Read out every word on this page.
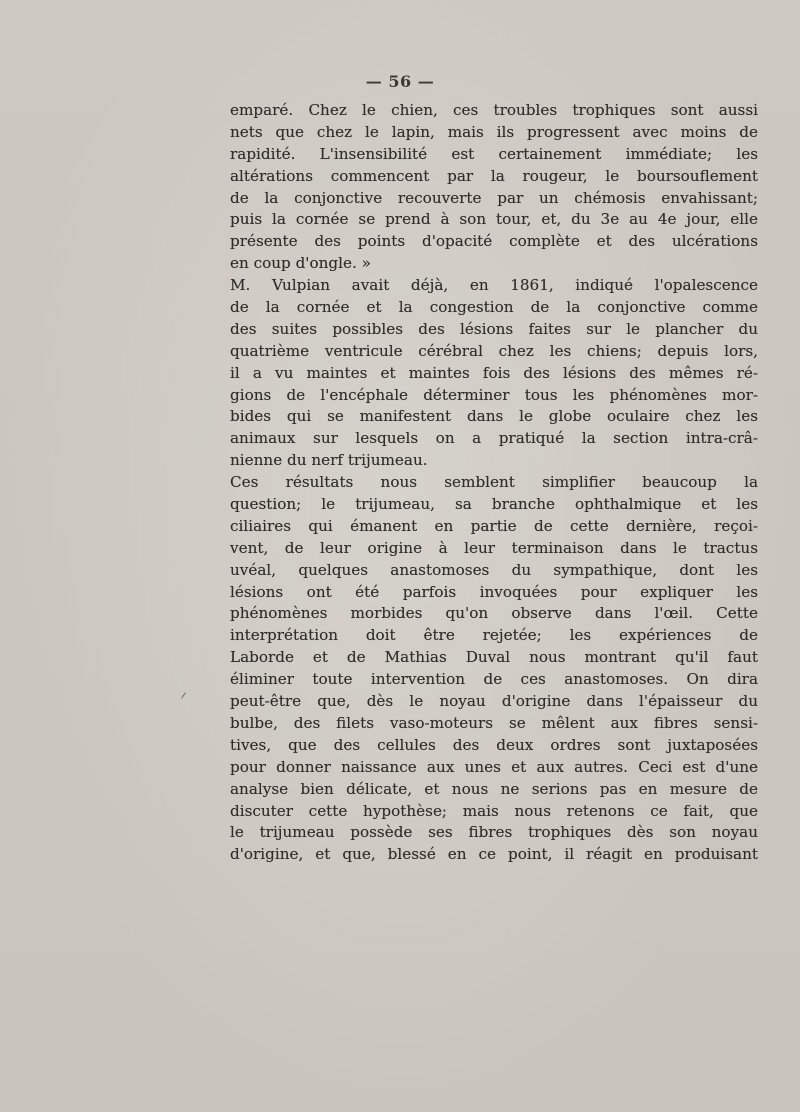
— 56 —
emparé. Chez le chien, ces troubles trophiques sont aussi
nets que chez le lapin, mais ils progressent avec moins de
rapidité. L'insensibilité est certainement immédiate; les
altérations commencent par la rougeur, le boursouflement
de la conjonctive recouverte par un chémosis envahissant;
puis la cornée se prend à son tour, et, du 3e au 4e jour, elle
présente des points d'opacité complète et des ulcérations
en coup d'ongle. »
M. Vulpian avait déjà, en 1861, indiqué l'opalescence
de la cornée et la congestion de la conjonctive comme
des suites possibles des lésions faites sur le plancher du
quatrième ventricule cérébral chez les chiens; depuis lors,
il a vu maintes et maintes fois des lésions des mêmes ré-
gions de l'encéphale déterminer tous les phénomènes mor-
bides qui se manifestent dans le globe oculaire chez les
animaux sur lesquels on a pratiqué la section intra-crâ-
nienne du nerf trijumeau.
Ces résultats nous semblent simplifier beaucoup la
question; le trijumeau, sa branche ophthalmique et les
ciliaires qui émanent en partie de cette dernière, reçoi-
vent, de leur origine à leur terminaison dans le tractus
uvéal, quelques anastomoses du sympathique, dont les
lésions ont été parfois invoquées pour expliquer les
phénomènes morbides qu'on observe dans l'œil. Cette
interprétation doit être rejetée; les expériences de
Laborde et de Mathias Duval nous montrant qu'il faut
éliminer toute intervention de ces anastomoses. On dira
peut-être que, dès le noyau d'origine dans l'épaisseur du
bulbe, des filets vaso-moteurs se mêlent aux fibres sensi-
tives, que des cellules des deux ordres sont juxtaposées
pour donner naissance aux unes et aux autres. Ceci est d'une
analyse bien délicate, et nous ne serions pas en mesure de
discuter cette hypothèse; mais nous retenons ce fait, que
le trijumeau possède ses fibres trophiques dès son noyau
d'origine, et que, blessé en ce point, il réagit en produisant
